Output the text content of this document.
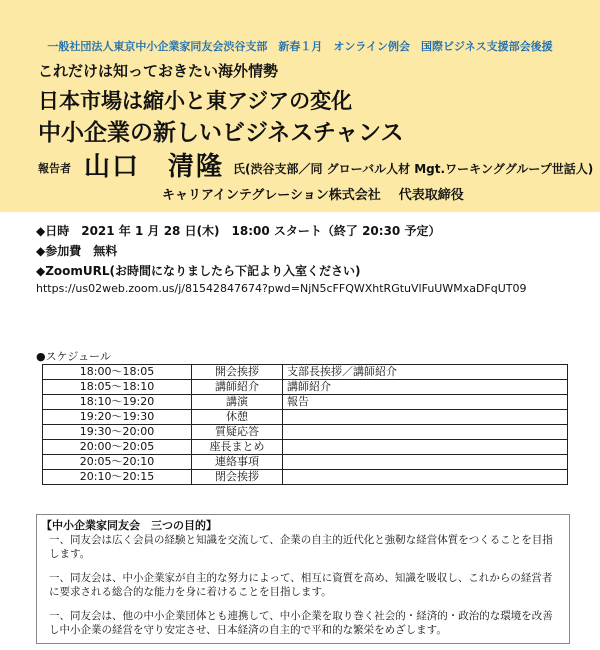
一般社団法人東京中小企業家同友会渋谷支部　新春１月　オンライン例会　国際ビジネス支援部会後援
これだけは知っておきたい海外情勢
日本市場は縮小と東アジアの変化
中小企業の新しいビジネスチャンス
報告者 山口　清隆 氏(渋谷支部／同 グローバル人材 Mgt.ワーキンググループ世話人)
キャリアインテグレーション株式会社 代表取締役
◆日時　2021 年 1 月 28 日(木)　18:00 スタート（終了 20:30 予定）
◆参加費　無料
◆ZoomURL(お時間になりましたら下記より入室ください)
https://us02web.zoom.us/j/81542847674?pwd=NjN5cFFQWXhtRGtuVlFuUWMxaDFqUT09
●スケジュール
18:00～18:05	開会挨拶	支部長挨拶／講師紹介
18:05～18:10	講師紹介	講師紹介
18:10～19:20	講演	報告
19:20～19:30	休憩	
19:30～20:00	質疑応答	
20:00～20:05	座長まとめ	
20:05～20:10	連絡事項	
20:10～20:15	閉会挨拶	
【中小企業家同友会　三つの目的】
一、同友会は広く会員の経験と知識を交流して、企業の自主的近代化と強靭な経営体質をつくることを目指します。
一、同友会は、中小企業家が自主的な努力によって、相互に資質を高め、知識を吸収し、これからの経営者に要求される総合的な能力を身に着けることを目指します。
一、同友会は、他の中小企業団体とも連携して、中小企業を取り巻く社会的・経済的・政治的な環境を改善し中小企業の経営を守り安定させ、日本経済の自主的で平和的な繁栄をめざします。
